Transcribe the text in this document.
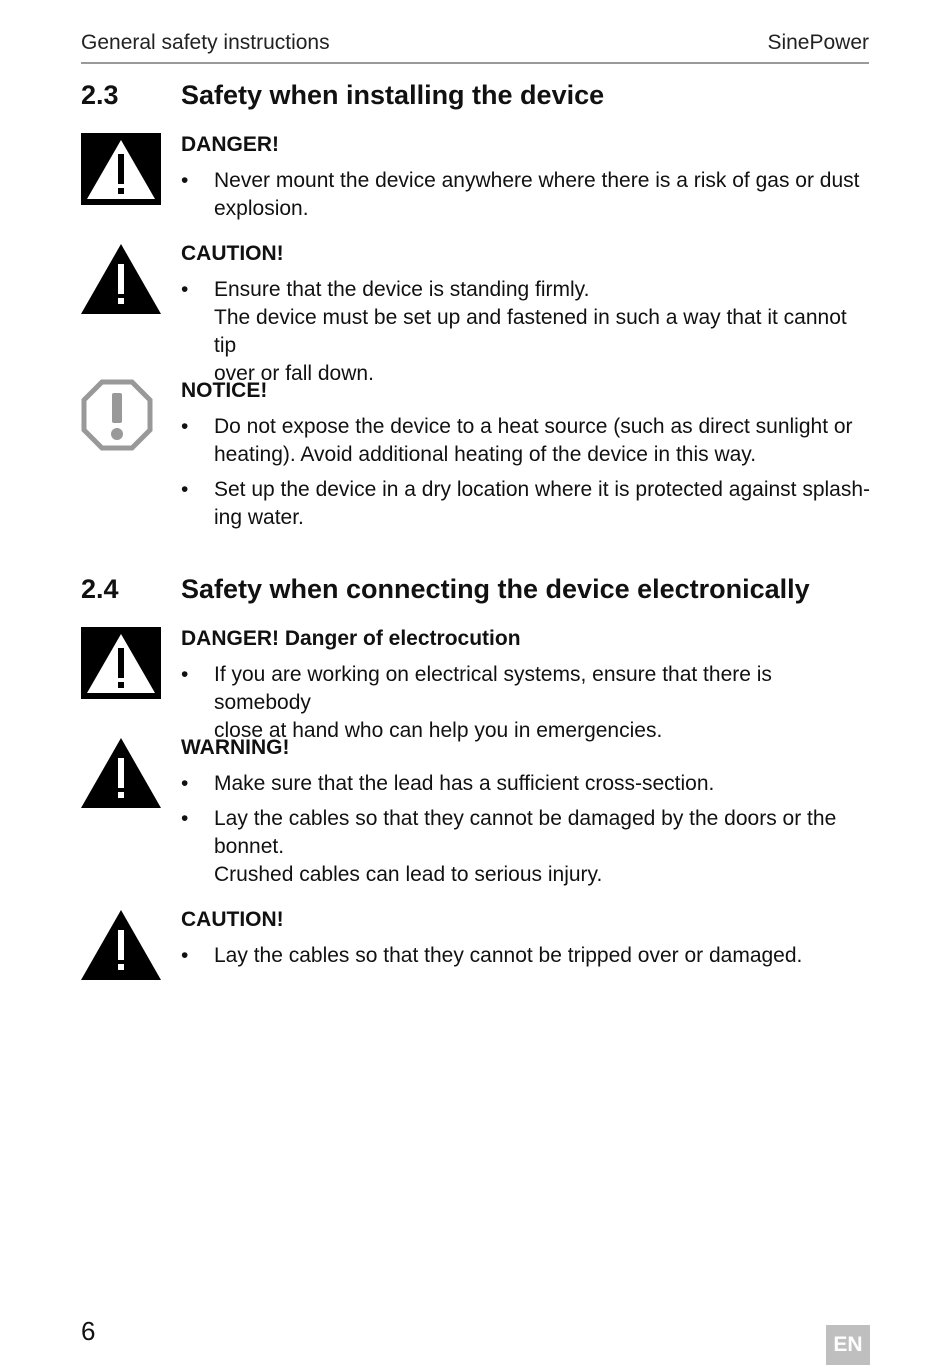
General safety instructions	SinePower
2.3 Safety when installing the device
DANGER!
• Never mount the device anywhere where there is a risk of gas or dust
explosion.
CAUTION!
• Ensure that the device is standing firmly.
The device must be set up and fastened in such a way that it cannot tip
over or fall down.
NOTICE!
• Do not expose the device to a heat source (such as direct sunlight or
heating). Avoid additional heating of the device in this way.
• Set up the device in a dry location where it is protected against splash-
ing water.
2.4 Safety when connecting the device electronically
DANGER! Danger of electrocution
• If you are working on electrical systems, ensure that there is somebody
close at hand who can help you in emergencies.
WARNING!
• Make sure that the lead has a sufficient cross-section.
• Lay the cables so that they cannot be damaged by the doors or the
bonnet.
Crushed cables can lead to serious injury.
CAUTION!
• Lay the cables so that they cannot be tripped over or damaged.
6	EN
